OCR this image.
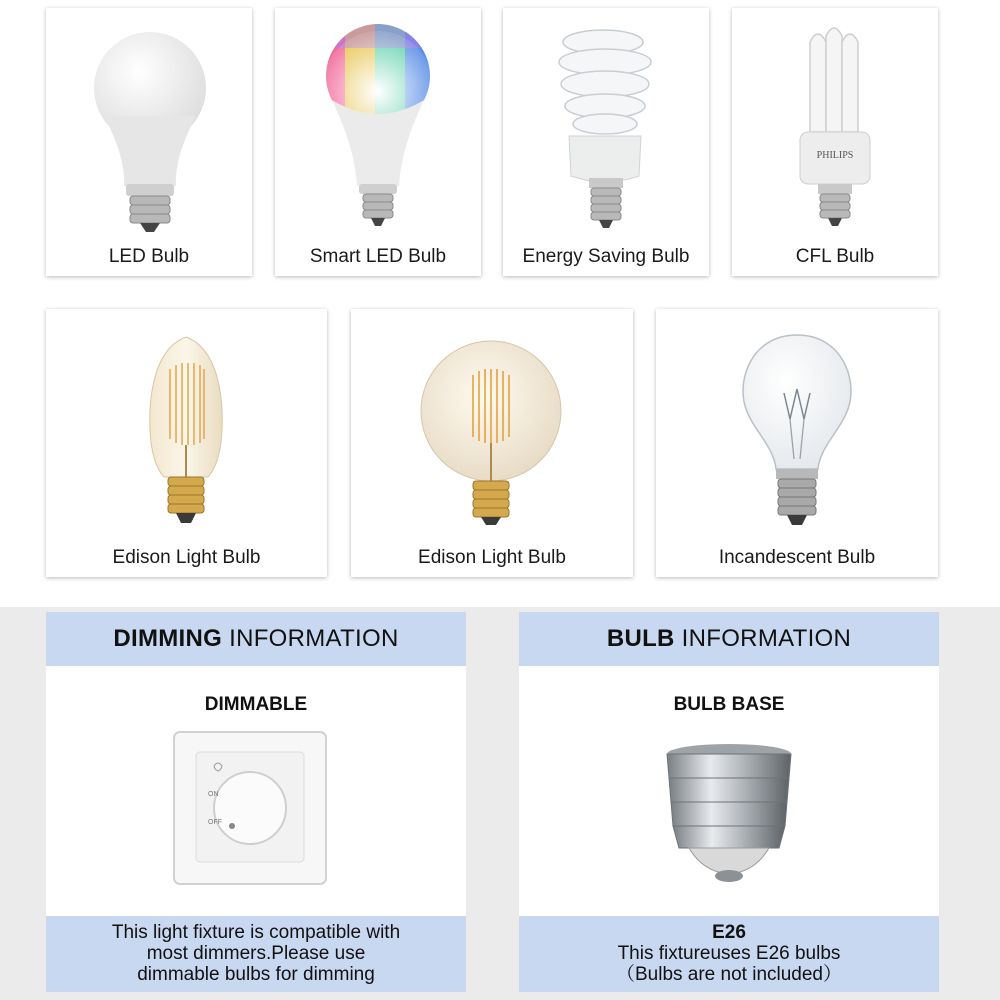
LED Bulb	Smart LED Bulb	Energy Saving Bulb
PHILIPS
CFL Bulb
Edison Light Bulb	Edison Light Bulb	Incandescent Bulb
DIMMING INFORMATION
DIMMABLE
ON
OFF
This light fixture is compatible with
most dimmers.Please use
dimmable bulbs for dimming
BULB INFORMATION
BULB BASE
E26
This fixtureuses E26 bulbs
（Bulbs are not included）
